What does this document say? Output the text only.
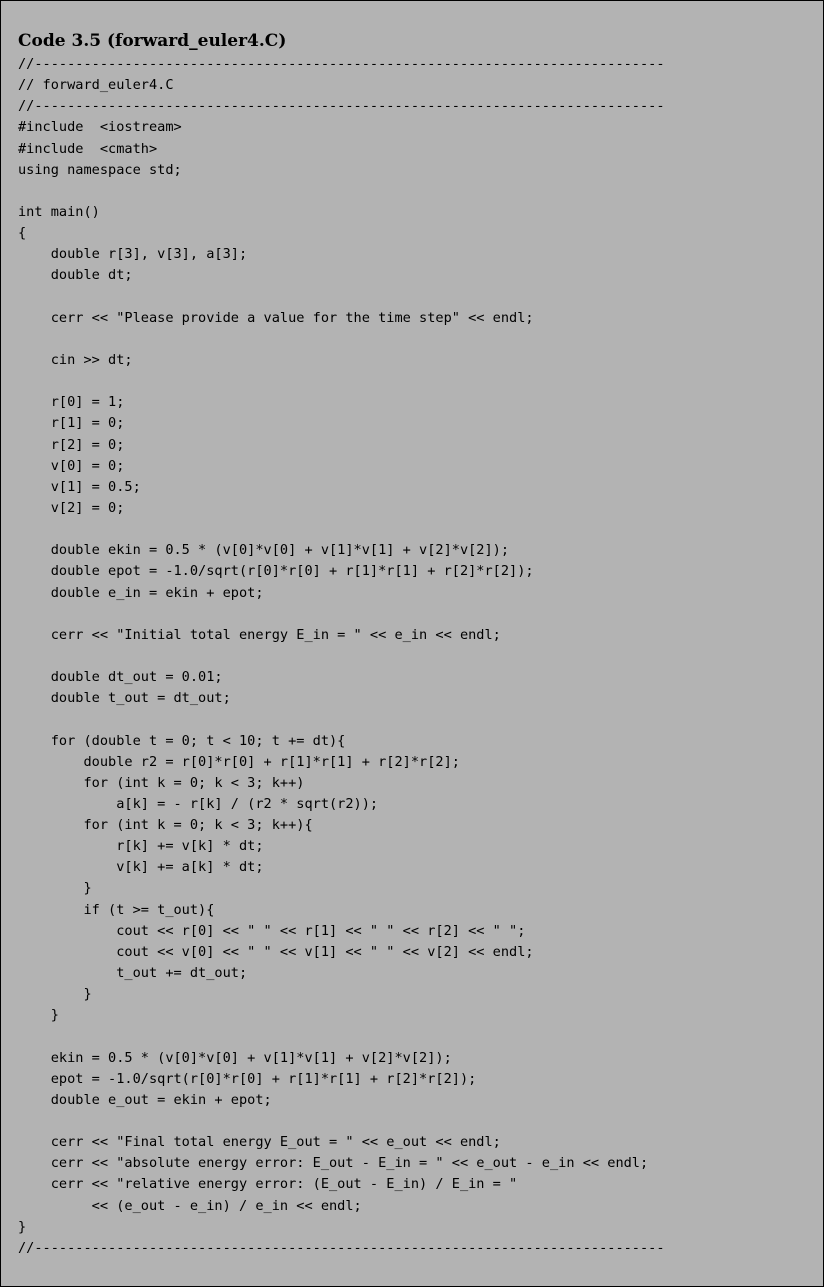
Code 3.5 (forward_euler4.C)
//-----------------------------------------------------------------------------
// forward_euler4.C
//-----------------------------------------------------------------------------
#include  <iostream>
#include  <cmath>
using namespace std;
int main()
{
double r[3], v[3], a[3];
double dt;
cerr << "Please provide a value for the time step" << endl;
cin >> dt;
r[0] = 1;
r[1] = 0;
r[2] = 0;
v[0] = 0;
v[1] = 0.5;
v[2] = 0;
double ekin = 0.5 * (v[0]*v[0] + v[1]*v[1] + v[2]*v[2]);
double epot = -1.0/sqrt(r[0]*r[0] + r[1]*r[1] + r[2]*r[2]);
double e_in = ekin + epot;
cerr << "Initial total energy E_in = " << e_in << endl;
double dt_out = 0.01;
double t_out = dt_out;
for (double t = 0; t < 10; t += dt){
double r2 = r[0]*r[0] + r[1]*r[1] + r[2]*r[2];
for (int k = 0; k < 3; k++)
a[k] = - r[k] / (r2 * sqrt(r2));
for (int k = 0; k < 3; k++){
r[k] += v[k] * dt;
v[k] += a[k] * dt;
}
if (t >= t_out){
cout << r[0] << " " << r[1] << " " << r[2] << " ";
cout << v[0] << " " << v[1] << " " << v[2] << endl;
t_out += dt_out;
}
}
ekin = 0.5 * (v[0]*v[0] + v[1]*v[1] + v[2]*v[2]);
epot = -1.0/sqrt(r[0]*r[0] + r[1]*r[1] + r[2]*r[2]);
double e_out = ekin + epot;
cerr << "Final total energy E_out = " << e_out << endl;
cerr << "absolute energy error: E_out - E_in = " << e_out - e_in << endl;
cerr << "relative energy error: (E_out - E_in) / E_in = "
<< (e_out - e_in) / e_in << endl;
}
//-----------------------------------------------------------------------------
